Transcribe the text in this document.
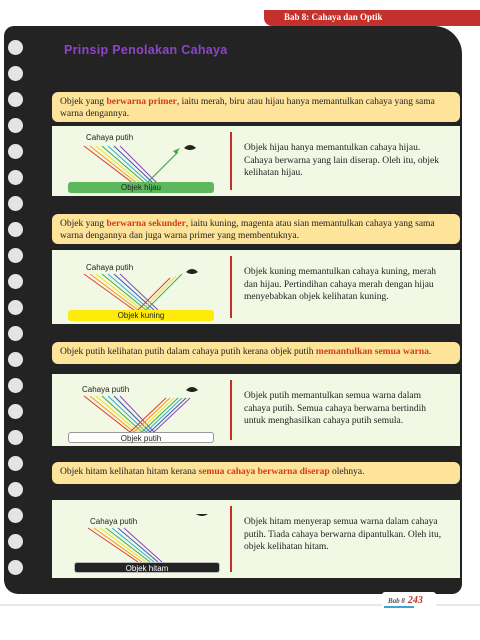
Bab 8: Cahaya dan Optik
Prinsip Penolakan Cahaya
Objek yang berwarna primer, iaitu merah, biru atau hijau hanya memantulkan cahaya yang sama warna dengannya.
Cahaya putih
Objek hijau
Objek hijau hanya memantulkan cahaya hijau. Cahaya berwarna yang lain diserap. Oleh itu, objek kelihatan hijau.
Objek yang berwarna sekunder, iaitu kuning, magenta atau sian memantulkan cahaya yang sama warna dengannya dan juga warna primer yang membentuknya.
Cahaya putih
Objek kuning
Objek kuning memantulkan cahaya kuning, merah dan hijau. Pertindihan cahaya merah dengan hijau menyebabkan objek kelihatan kuning.
Objek putih kelihatan putih dalam cahaya putih kerana objek putih memantulkan semua warna.
Cahaya putih
Objek putih
Objek putih memantulkan semua warna dalam cahaya putih. Semua cahaya berwarna bertindih untuk menghasilkan cahaya putih semula.
Objek hitam kelihatan hitam kerana semua cahaya berwarna diserap olehnya.
Cahaya putih
Objek hitam
Objek hitam menyerap semua warna dalam cahaya putih. Tiada cahaya berwarna dipantulkan. Oleh itu, objek kelihatan hitam.
Bab 8 243
